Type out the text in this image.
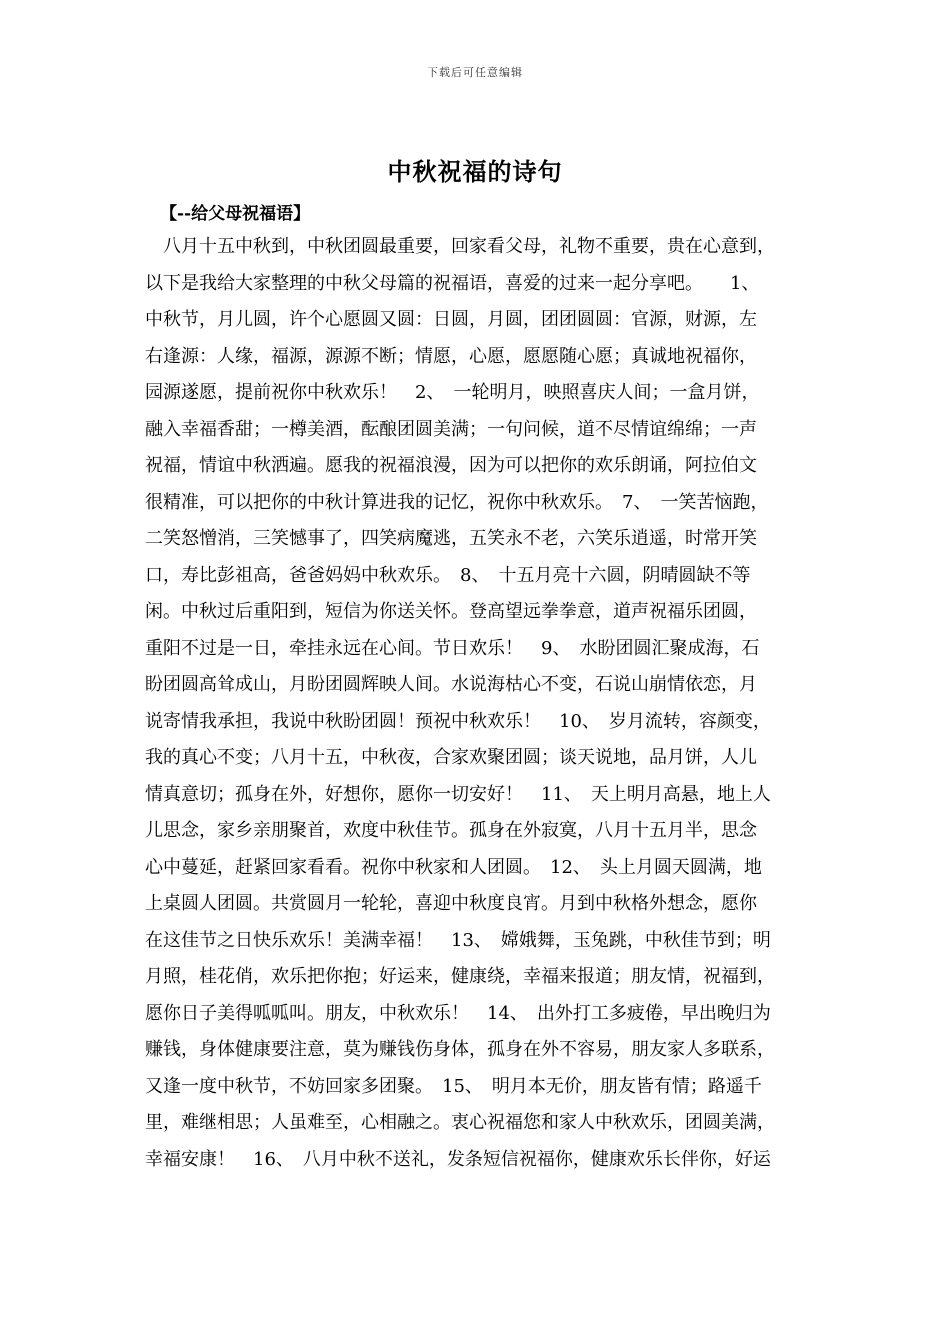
下载后可任意编辑
中秋祝福的诗句
【--给父母祝福语】
　八月十五中秋到，中秋团圆最重要，回家看父母，礼物不重要，贵在心意到，
以下是我给大家整理的中秋父母篇的祝福语，喜爱的过来一起分享吧。　　1、
中秋节，月儿圆，许个心愿圆又圆：日圆，月圆，团团圆圆：官源，财源，左
右逢源：人缘，福源，源源不断；情愿，心愿，愿愿随心愿；真诚地祝福你，
园源遂愿，提前祝你中秋欢乐！　2、　一轮明月，映照喜庆人间；一盒月饼，
融入幸福香甜；一樽美酒，酝酿团圆美满；一句问候，道不尽情谊绵绵；一声
祝福，情谊中秋洒遍。愿我的祝福浪漫，因为可以把你的欢乐朗诵，阿拉伯文
很精准，可以把你的中秋计算进我的记忆，祝你中秋欢乐。　7、　一笑苦恼跑，
二笑怒憎消，三笑憾事了，四笑病魔逃，五笑永不老，六笑乐逍遥，时常开笑
口，寿比彭祖高，爸爸妈妈中秋欢乐。　8、　十五月亮十六圆，阴晴圆缺不等
闲。中秋过后重阳到，短信为你送关怀。登高望远拳拳意，道声祝福乐团圆，
重阳不过是一日，牵挂永远在心间。节日欢乐！　9、　水盼团圆汇聚成海，石
盼团圆高耸成山，月盼团圆辉映人间。水说海枯心不变，石说山崩情依恋，月
说寄情我承担，我说中秋盼团圆！预祝中秋欢乐！　10、　岁月流转，容颜变，
我的真心不变；八月十五，中秋夜，合家欢聚团圆；谈天说地，品月饼，人儿
情真意切；孤身在外，好想你，愿你一切安好！　11、　天上明月高悬，地上人
儿思念，家乡亲朋聚首，欢度中秋佳节。孤身在外寂寞，八月十五月半，思念
心中蔓延，赶紧回家看看。祝你中秋家和人团圆。　12、　头上月圆天圆满，地
上桌圆人团圆。共赏圆月一轮轮，喜迎中秋度良宵。月到中秋格外想念，愿你
在这佳节之日快乐欢乐！美满幸福！　13、　嫦娥舞，玉兔跳，中秋佳节到；明
月照，桂花俏，欢乐把你抱；好运来，健康绕，幸福来报道；朋友情，祝福到，
愿你日子美得呱呱叫。朋友，中秋欢乐！　14、　出外打工多疲倦，早出晚归为
赚钱，身体健康要注意，莫为赚钱伤身体，孤身在外不容易，朋友家人多联系，
又逢一度中秋节，不妨回家多团聚。　15、　明月本无价，朋友皆有情；路遥千
里，难继相思；人虽难至，心相融之。衷心祝福您和家人中秋欢乐，团圆美满，
幸福安康！　16、　八月中秋不送礼，发条短信祝福你，健康欢乐长伴你，好运
